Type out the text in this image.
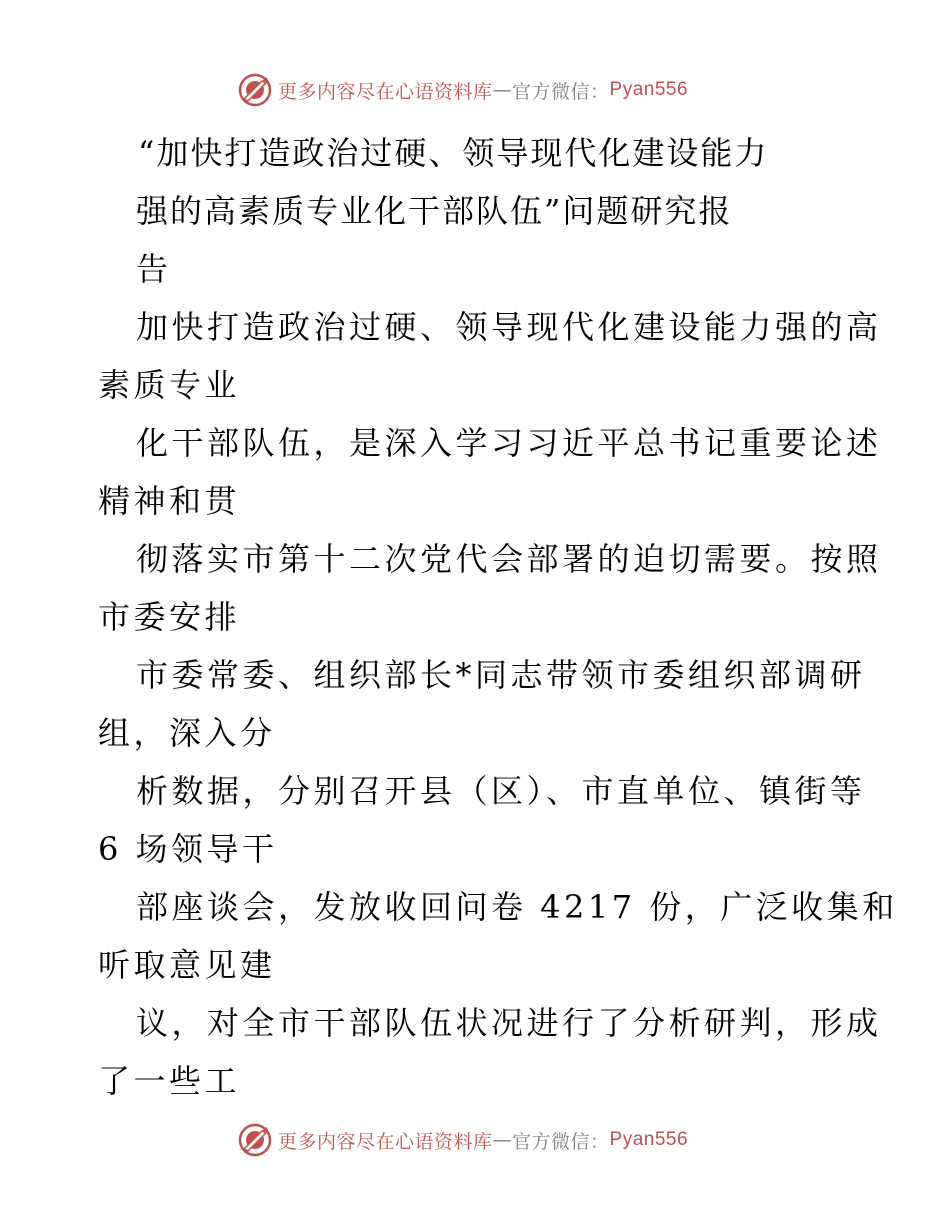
更多内容尽在心语资料库 — 官方微信： Pyan556
“加快打造政治过硬、领导现代化建设能力
强的高素质专业化干部队伍”问题研究报
告
加快打造政治过硬、领导现代化建设能力强的高
素质专业
化干部队伍，是深入学习习近平总书记重要论述
精神和贯
彻落实市第十二次党代会部署的迫切需要。按照
市委安排
市委常委、组织部长*同志带领市委组织部调研
组，深入分
析数据，分别召开县（区）、市直单位、镇街等
6 场领导干
部座谈会，发放收回问卷 4217 份，广泛收集和
听取意见建
议，对全市干部队伍状况进行了分析研判，形成
了一些工
更多内容尽在心语资料库 — 官方微信： Pyan556
